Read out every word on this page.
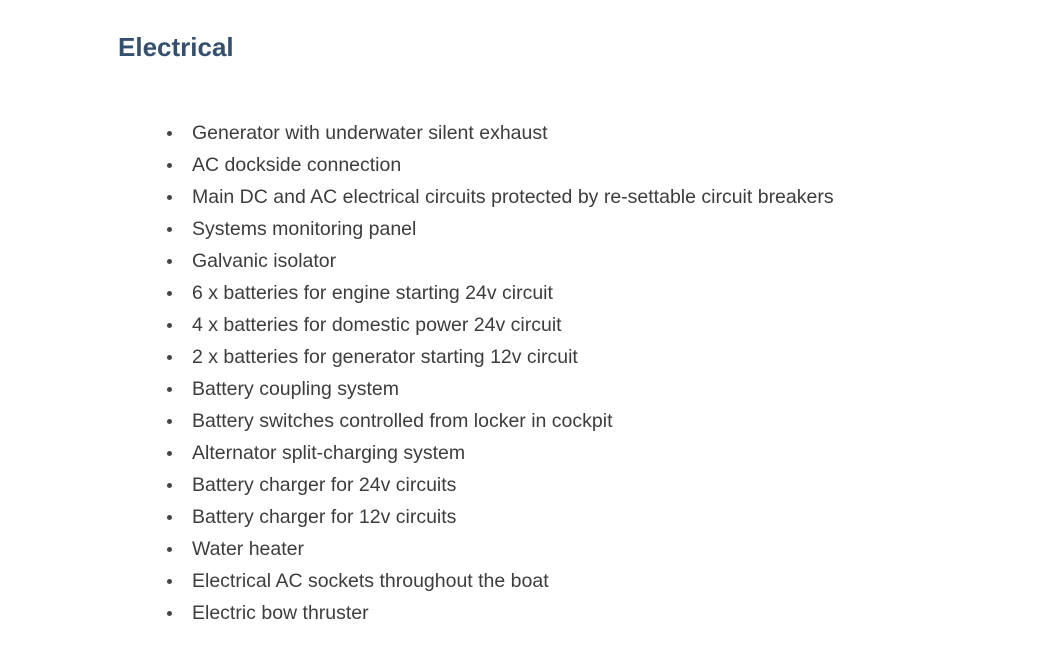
Electrical
Generator with underwater silent exhaust
AC dockside connection
Main DC and AC electrical circuits protected by re-settable circuit breakers
Systems monitoring panel
Galvanic isolator
6 x batteries for engine starting 24v circuit
4 x batteries for domestic power 24v circuit
2 x batteries for generator starting 12v circuit
Battery coupling system
Battery switches controlled from locker in cockpit
Alternator split-charging system
Battery charger for 24v circuits
Battery charger for 12v circuits
Water heater
Electrical AC sockets throughout the boat
Electric bow thruster
